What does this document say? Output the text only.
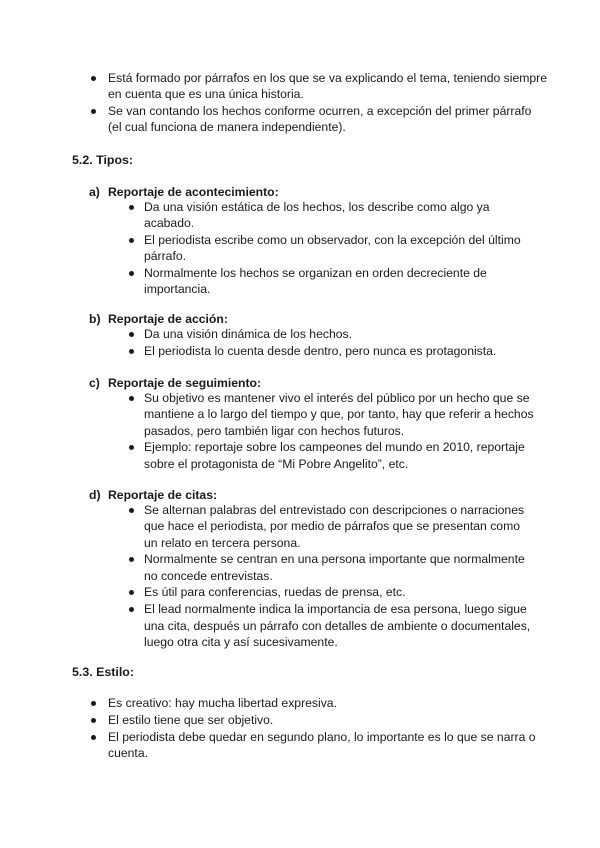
Está formado por párrafos en los que se va explicando el tema, teniendo siempre en cuenta que es una única historia.
Se van contando los hechos conforme ocurren, a excepción del primer párrafo (el cual funciona de manera independiente).
5.2. Tipos:
a) Reportaje de acontecimiento:
Da una visión estática de los hechos, los describe como algo ya acabado.
El periodista escribe como un observador, con la excepción del último párrafo.
Normalmente los hechos se organizan en orden decreciente de importancia.
b) Reportaje de acción:
Da una visión dinámica de los hechos.
El periodista lo cuenta desde dentro, pero nunca es protagonista.
c) Reportaje de seguimiento:
Su objetivo es mantener vivo el interés del público por un hecho que se mantiene a lo largo del tiempo y que, por tanto, hay que referir a hechos pasados, pero también ligar con hechos futuros.
Ejemplo: reportaje sobre los campeones del mundo en 2010, reportaje sobre el protagonista de “Mi Pobre Angelito”, etc.
d) Reportaje de citas:
Se alternan palabras del entrevistado con descripciones o narraciones que hace el periodista, por medio de párrafos que se presentan como un relato en tercera persona.
Normalmente se centran en una persona importante que normalmente no concede entrevistas.
Es útil para conferencias, ruedas de prensa, etc.
El lead normalmente indica la importancia de esa persona, luego sigue una cita, después un párrafo con detalles de ambiente o documentales, luego otra cita y así sucesivamente.
5.3. Estilo:
Es creativo: hay mucha libertad expresiva.
El estilo tiene que ser objetivo.
El periodista debe quedar en segundo plano, lo importante es lo que se narra o cuenta.
